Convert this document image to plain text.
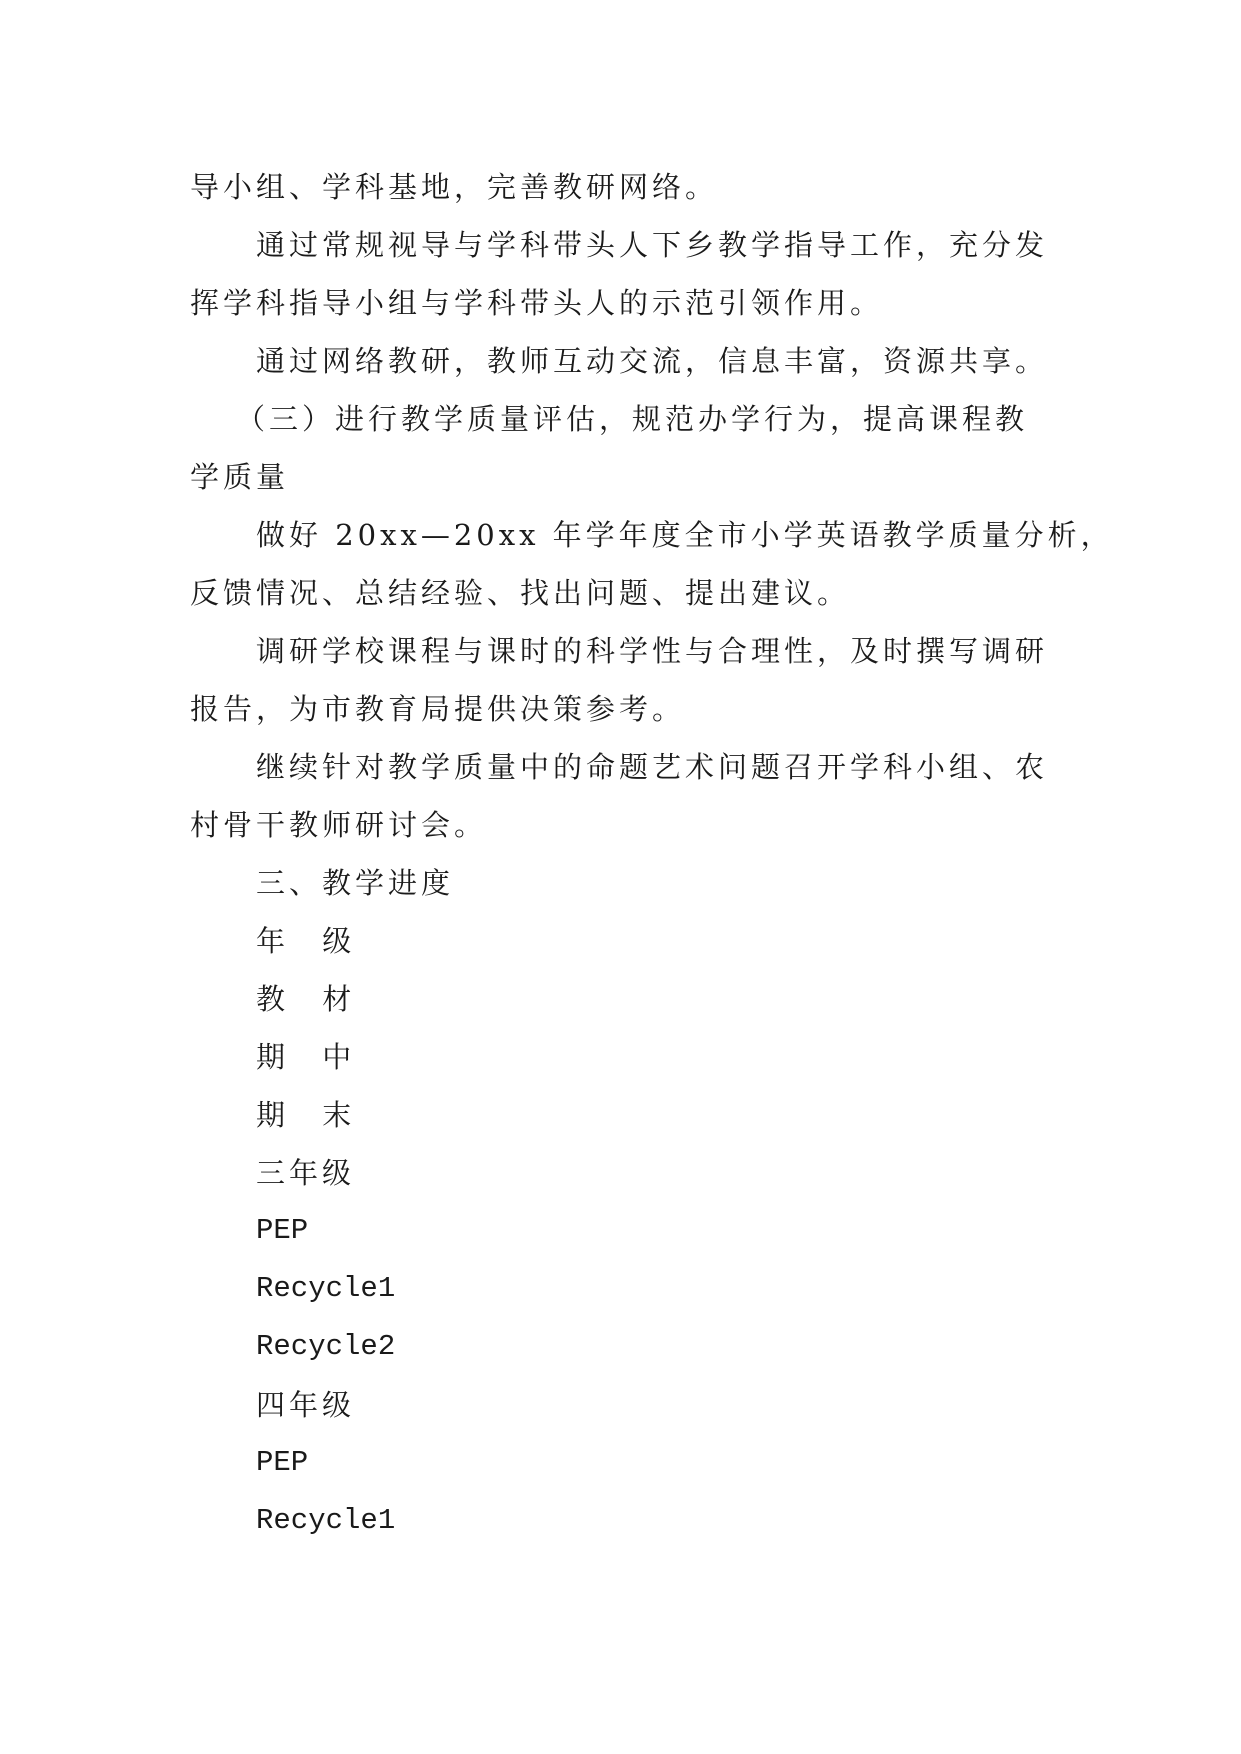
导小组、学科基地，完善教研网络。
通过常规视导与学科带头人下乡教学指导工作，充分发
挥学科指导小组与学科带头人的示范引领作用。
通过网络教研，教师互动交流，信息丰富，资源共享。
（三）进行教学质量评估，规范办学行为，提高课程教
学质量
做好 20xx—20xx 年学年度全市小学英语教学质量分析，
反馈情况、总结经验、找出问题、提出建议。
调研学校课程与课时的科学性与合理性，及时撰写调研
报告，为市教育局提供决策参考。
继续针对教学质量中的命题艺术问题召开学科小组、农
村骨干教师研讨会。
三、教学进度
年 级
教 材
期 中
期 末
三年级
PEP
Recycle1
Recycle2
四年级
PEP
Recycle1
